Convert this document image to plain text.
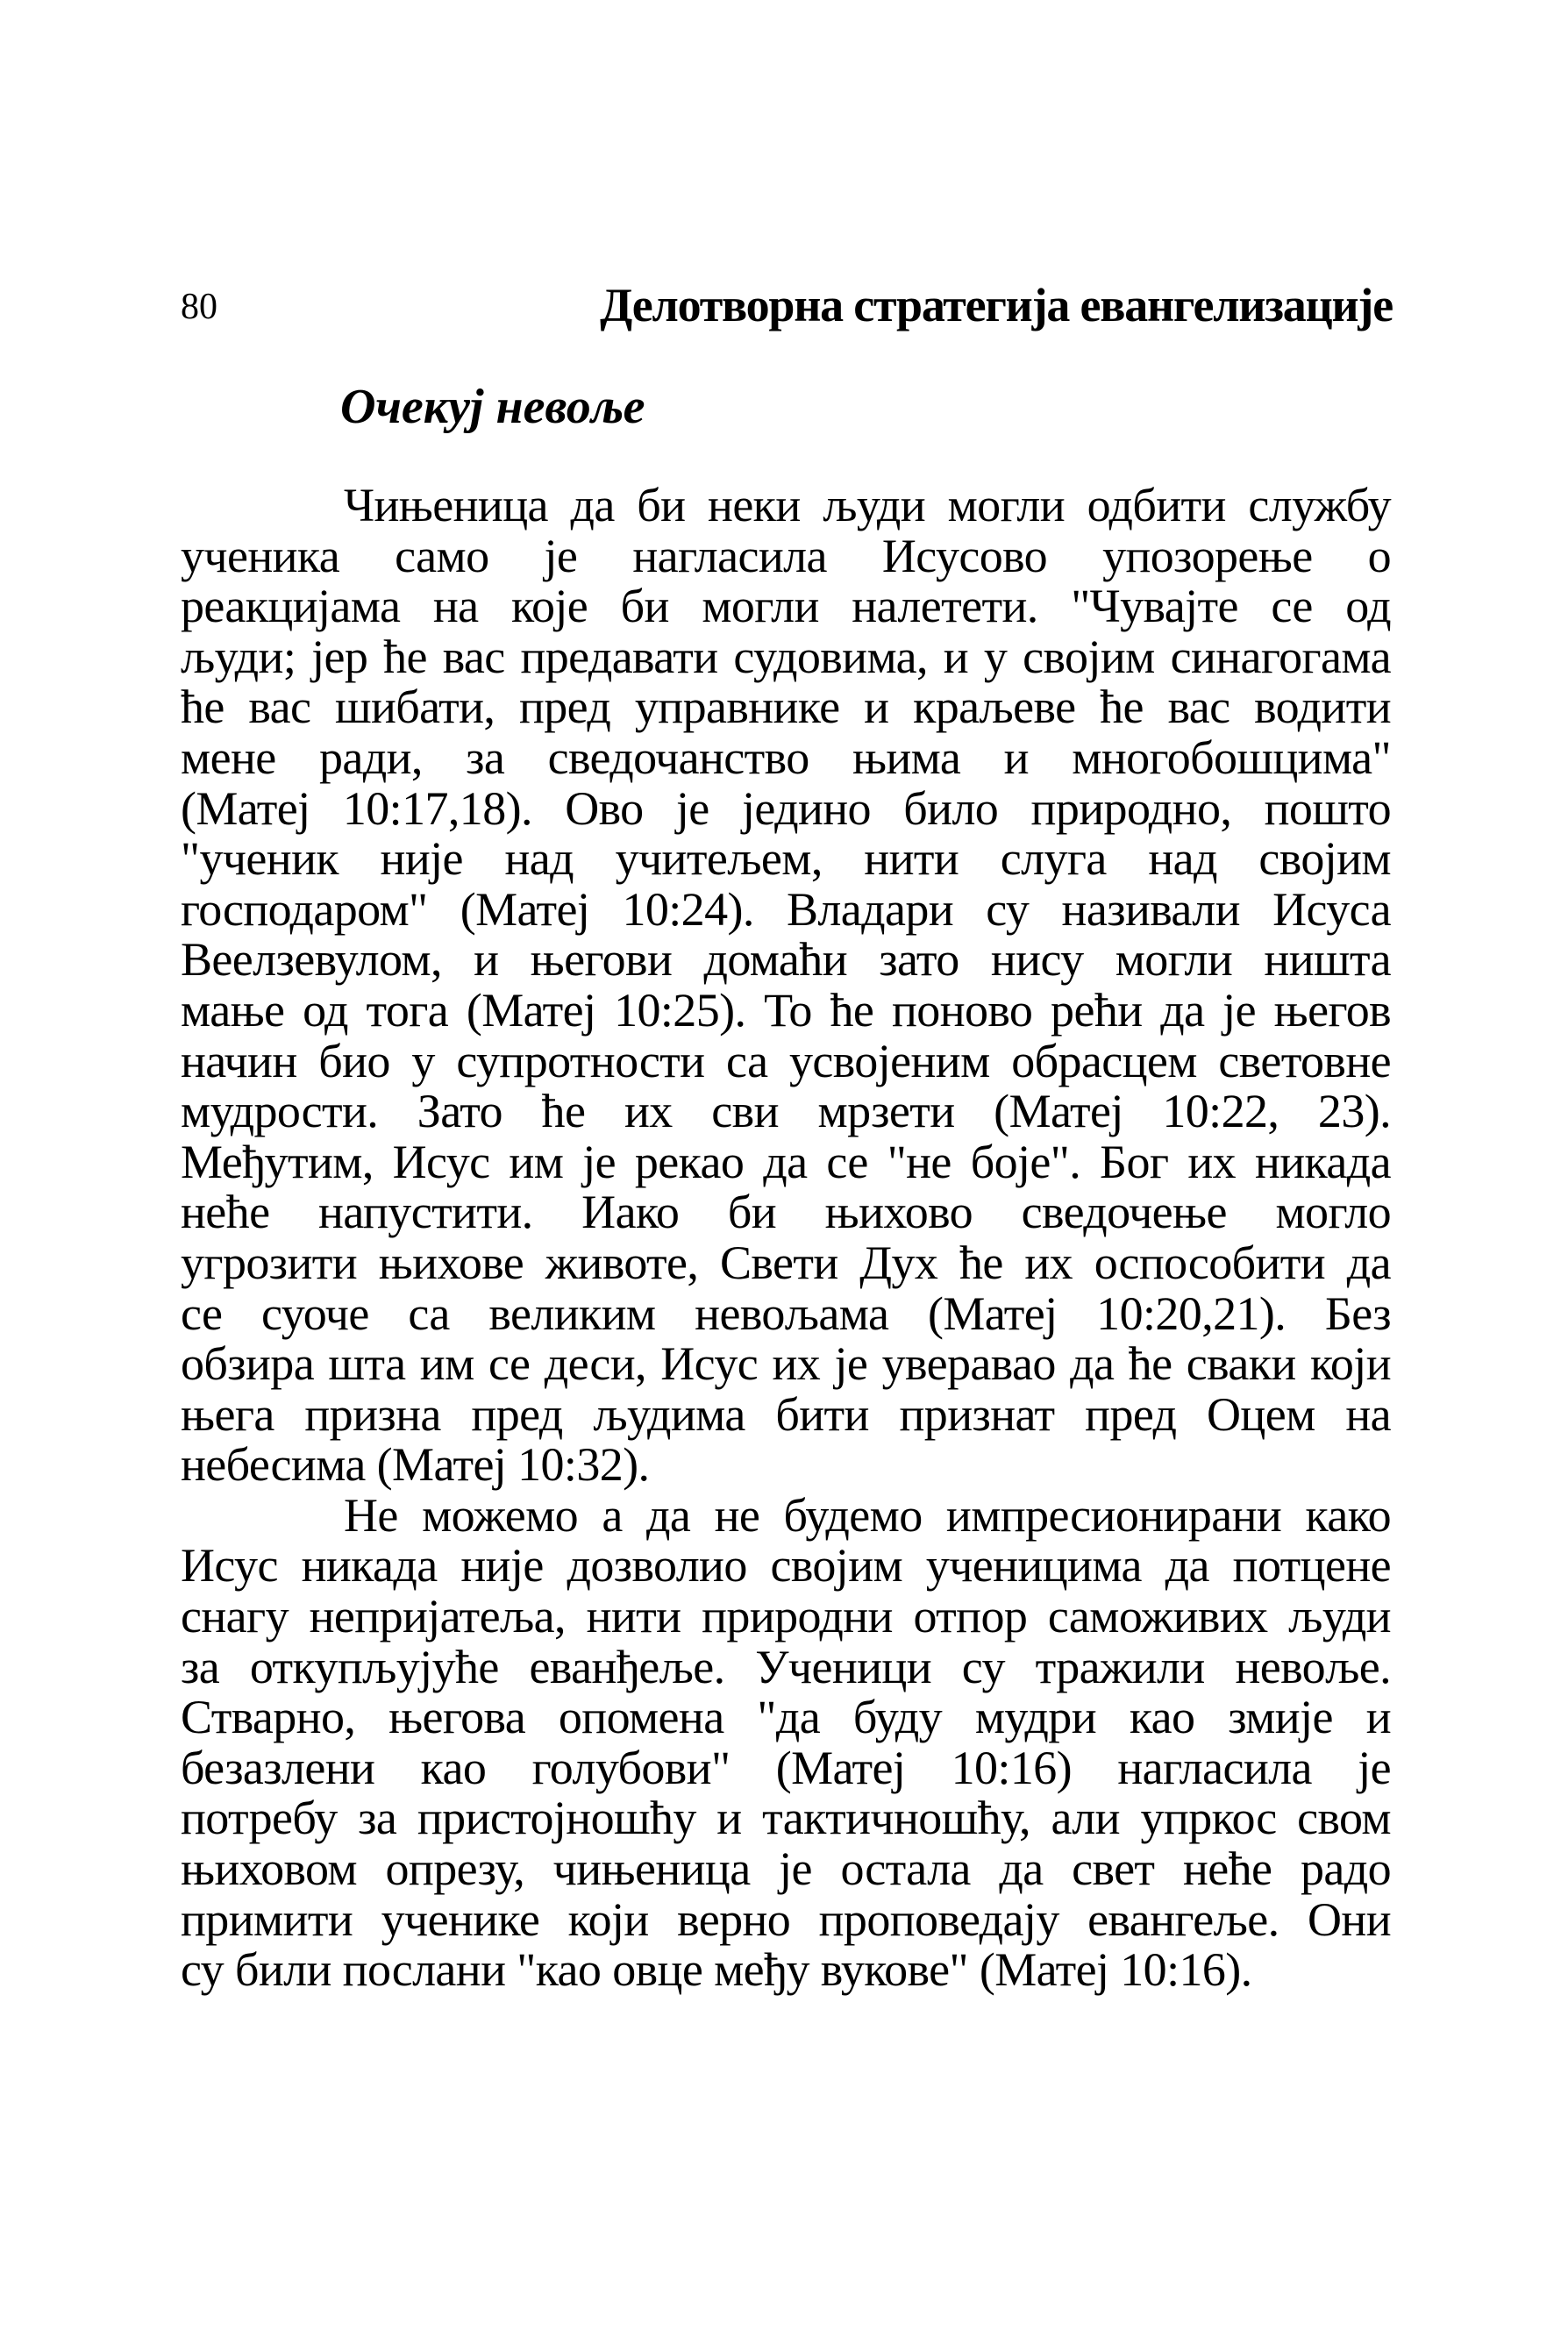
80	Делотворна стратегија евангелизације
Очекуј невоље
Чињеница да би неки људи могли одбити службу
ученика само је нагласила Исусово упозорење о
реакцијама на које би могли налетети. "Чувајте се од
људи; јер ће вас предавати судовима, и у својим синагогама
ће вас шибати, пред управнике и краљеве ће вас водити
мене ради, за сведочанство њима и многобошцима"
(Матеј 10:17,18). Ово је једино било природно, пошто
"ученик није над учитељем, нити слуга над својим
господаром" (Матеј 10:24). Владари су називали Исуса
Веелзевулом, и његови домаћи зато нису могли ништа
мање од тога (Матеј 10:25). То ће поново рећи да је његов
начин био у супротности са усвојеним обрасцем световне
мудрости. Зато ће их сви мрзети (Матеј 10:22, 23).
Међутим, Исус им је рекао да се "не боје". Бог их никада
неће напустити. Иако би њихово сведочење могло
угрозити њихове животе, Свети Дух ће их оспособити да
се суоче са великим невољама (Матеј 10:20,21). Без
обзира шта им се деси, Исус их је уверавао да ће сваки који
њега призна пред људима бити признат пред Оцем на
небесима (Матеј 10:32).
Не можемо а да не будемо импресионирани како
Исус никада није дозволио својим ученицима да потцене
снагу непријатеља, нити природни отпор саможивих људи
за откупљујуће еванђеље. Ученици су тражили невоље.
Стварно, његова опомена "да буду мудри као змије и
безазлени као голубови" (Матеј 10:16) нагласила је
потребу за пристојношћу и тактичношћу, али упркос свом
њиховом опрезу, чињеница је остала да свет неће радо
примити ученике који верно проповедају евангеље. Они
су били послани "као овце међу вукове" (Матеј 10:16).
